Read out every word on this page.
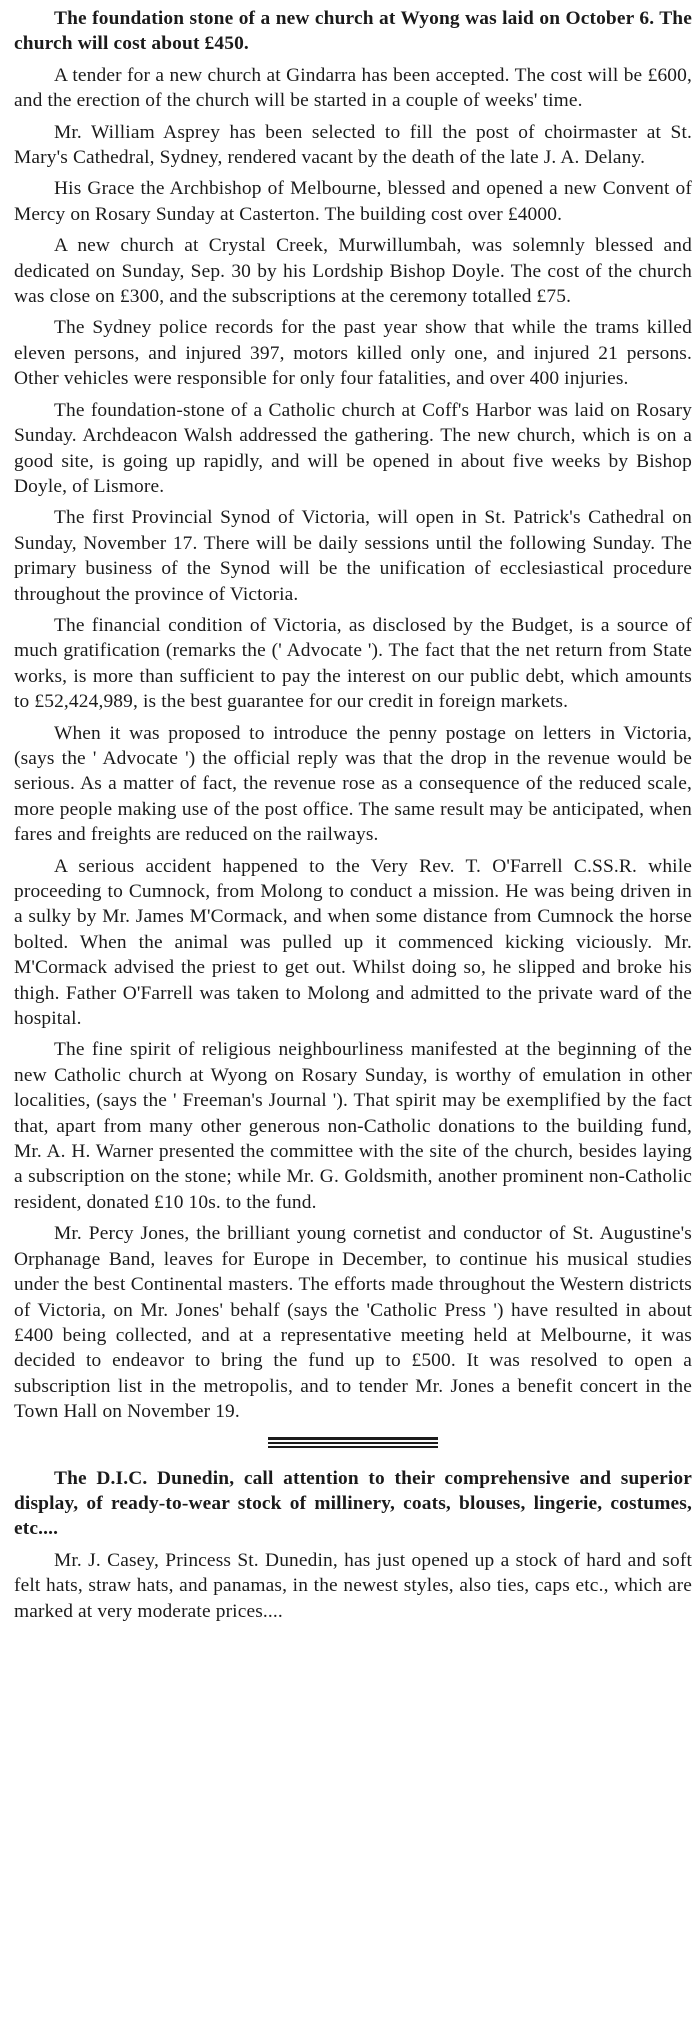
The foundation stone of a new church at Wyong was laid on October 6. The church will cost about £450.

A tender for a new church at Gindarra has been accepted. The cost will be £600, and the erection of the church will be started in a couple of weeks' time.

Mr. William Asprey has been selected to fill the post of choirmaster at St. Mary's Cathedral, Sydney, rendered vacant by the death of the late J. A. Delany.

His Grace the Archbishop of Melbourne, blessed and opened a new Convent of Mercy on Rosary Sunday at Casterton. The building cost over £4000.

A new church at Crystal Creek, Murwillumbah, was solemnly blessed and dedicated on Sunday, Sep. 30 by his Lordship Bishop Doyle. The cost of the church was close on £300, and the subscriptions at the ceremony totalled £75.

The Sydney police records for the past year show that while the trams killed eleven persons, and injured 397, motors killed only one, and injured 21 persons. Other vehicles were responsible for only four fatalities, and over 400 injuries.

The foundation-stone of a Catholic church at Coff's Harbor was laid on Rosary Sunday. Archdeacon Walsh addressed the gathering. The new church, which is on a good site, is going up rapidly, and will be opened in about five weeks by Bishop Doyle, of Lismore.

The first Provincial Synod of Victoria, will open in St. Patrick's Cathedral on Sunday, November 17. There will be daily sessions until the following Sunday. The primary business of the Synod will be the unification of ecclesiastical procedure throughout the province of Victoria.

The financial condition of Victoria, as disclosed by the Budget, is a source of much gratification (remarks the (' Advocate '). The fact that the net return from State works, is more than sufficient to pay the interest on our public debt, which amounts to £52,424,989, is the best guarantee for our credit in foreign markets.

When it was proposed to introduce the penny postage on letters in Victoria, (says the ' Advocate ') the official reply was that the drop in the revenue would be serious. As a matter of fact, the revenue rose as a consequence of the reduced scale, more people making use of the post office. The same result may be anticipated, when fares and freights are reduced on the railways.

A serious accident happened to the Very Rev. T. O'Farrell C.SS.R. while proceeding to Cumnock, from Molong to conduct a mission. He was being driven in a sulky by Mr. James M'Cormack, and when some distance from Cumnock the horse bolted. When the animal was pulled up it commenced kicking viciously. Mr. M'Cormack advised the priest to get out. Whilst doing so, he slipped and broke his thigh. Father O'Farrell was taken to Molong and admitted to the private ward of the hospital.

The fine spirit of religious neighbourliness manifested at the beginning of the new Catholic church at Wyong on Rosary Sunday, is worthy of emulation in other localities, (says the ' Freeman's Journal '). That spirit may be exemplified by the fact that, apart from many other generous non-Catholic donations to the building fund, Mr. A. H. Warner presented the committee with the site of the church, besides laying a subscription on the stone; while Mr. G. Goldsmith, another prominent non-Catholic resident, donated £10 10s. to the fund.

Mr. Percy Jones, the brilliant young cornetist and conductor of St. Augustine's Orphanage Band, leaves for Europe in December, to continue his musical studies under the best Continental masters. The efforts made throughout the Western districts of Victoria, on Mr. Jones' behalf (says the 'Catholic Press ') have resulted in about £400 being collected, and at a representative meeting held at Melbourne, it was decided to endeavor to bring the fund up to £500. It was resolved to open a subscription list in the metropolis, and to tender Mr. Jones a benefit concert in the Town Hall on November 19.

The D.I.C. Dunedin, call attention to their comprehensive and superior display, of ready-to-wear stock of millinery, coats, blouses, lingerie, costumes, etc....

Mr. J. Casey, Princess St. Dunedin, has just opened up a stock of hard and soft felt hats, straw hats, and panamas, in the newest styles, also ties, caps etc., which are marked at very moderate prices....
